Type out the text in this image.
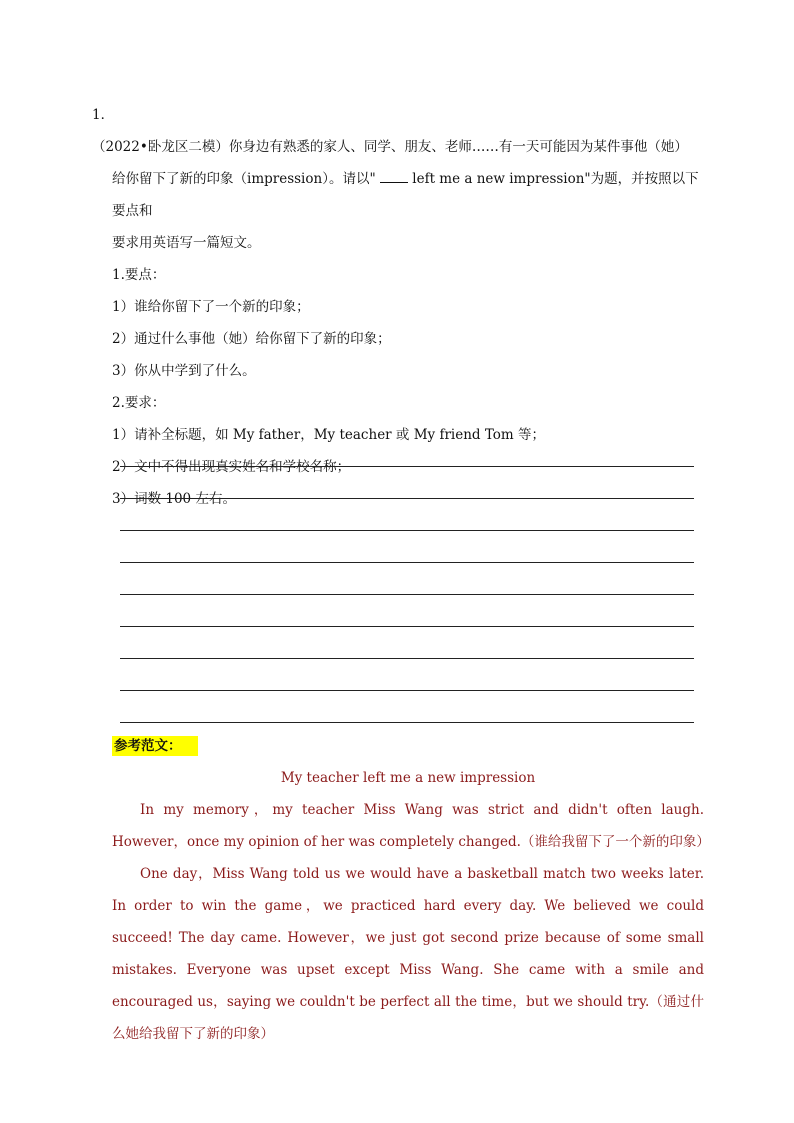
1．（2022•卧龙区二模）你身边有熟悉的家人、同学、朋友、老师……有一天可能因为某件事他（她）
给你留下了新的印象（impression）。请以"	left me a new impression"为题，并按照以下要点和
要求用英语写一篇短文。
1.要点：
1）谁给你留下了一个新的印象；
2）通过什么事他（她）给你留下了新的印象；
3）你从中学到了什么。
2.要求：
1）请补全标题，如 My father，My teacher 或 My friend Tom 等；
2）文中不得出现真实姓名和学校名称；
3）词数 100 左右。
参考范文：
My teacher left me a new impression
In my memory，my teacher Miss Wang was strict and didn't often laugh. However，once my opinion of her was completely changed.（谁给我留下了一个新的印象）
One day，Miss Wang told us we would have a basketball match two weeks later. In order to win the game，we practiced hard every day. We believed we could succeed! The day came. However，we just got second prize because of some small mistakes. Everyone was upset except Miss Wang. She came with a smile and encouraged us，saying we couldn't be perfect all the time，but we should try.（通过什么她给我留下了新的印象）
